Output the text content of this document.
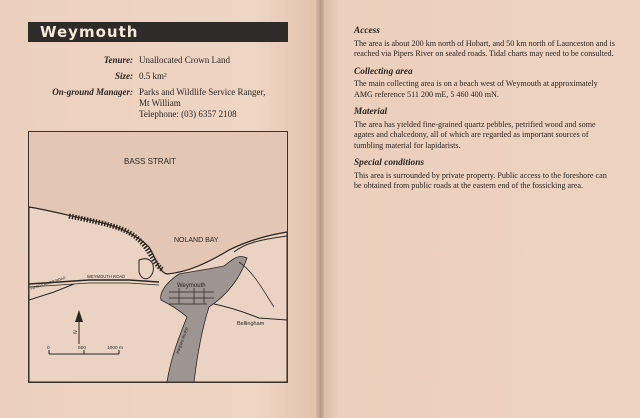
Weymouth
Tenure: Unallocated Crown Land
Size: 0.5 km²
On-ground Manager: Parks and Wildlife Service Ranger,
Mt William
Telephone: (03) 6357 2108
N
0	500	1000 m
BASS STRAIT
NOLAND BAY
Weymouth
Bellingham
WEYMOUTH ROAD
PIPERS RIVER ROAD
PIPERS RIVER
Access
The area is about 200 km north of Hobart, and 50 km north of Launceston and is reached via Pipers River on sealed roads. Tidal charts may need to be consulted.
Collecting area
The main collecting area is on a beach west of Weymouth at approximately AMG reference 511 200 mE, 5 460 400 mN.
Material
The area has yielded fine-grained quartz pebbles, petrified wood and some agates and chalcedony, all of which are regarded as important sources of tumbling material for lapidarists.
Special conditions
This area is surrounded by private property. Public access to the foreshore can be obtained from public roads at the eastern end of the fossicking area.
